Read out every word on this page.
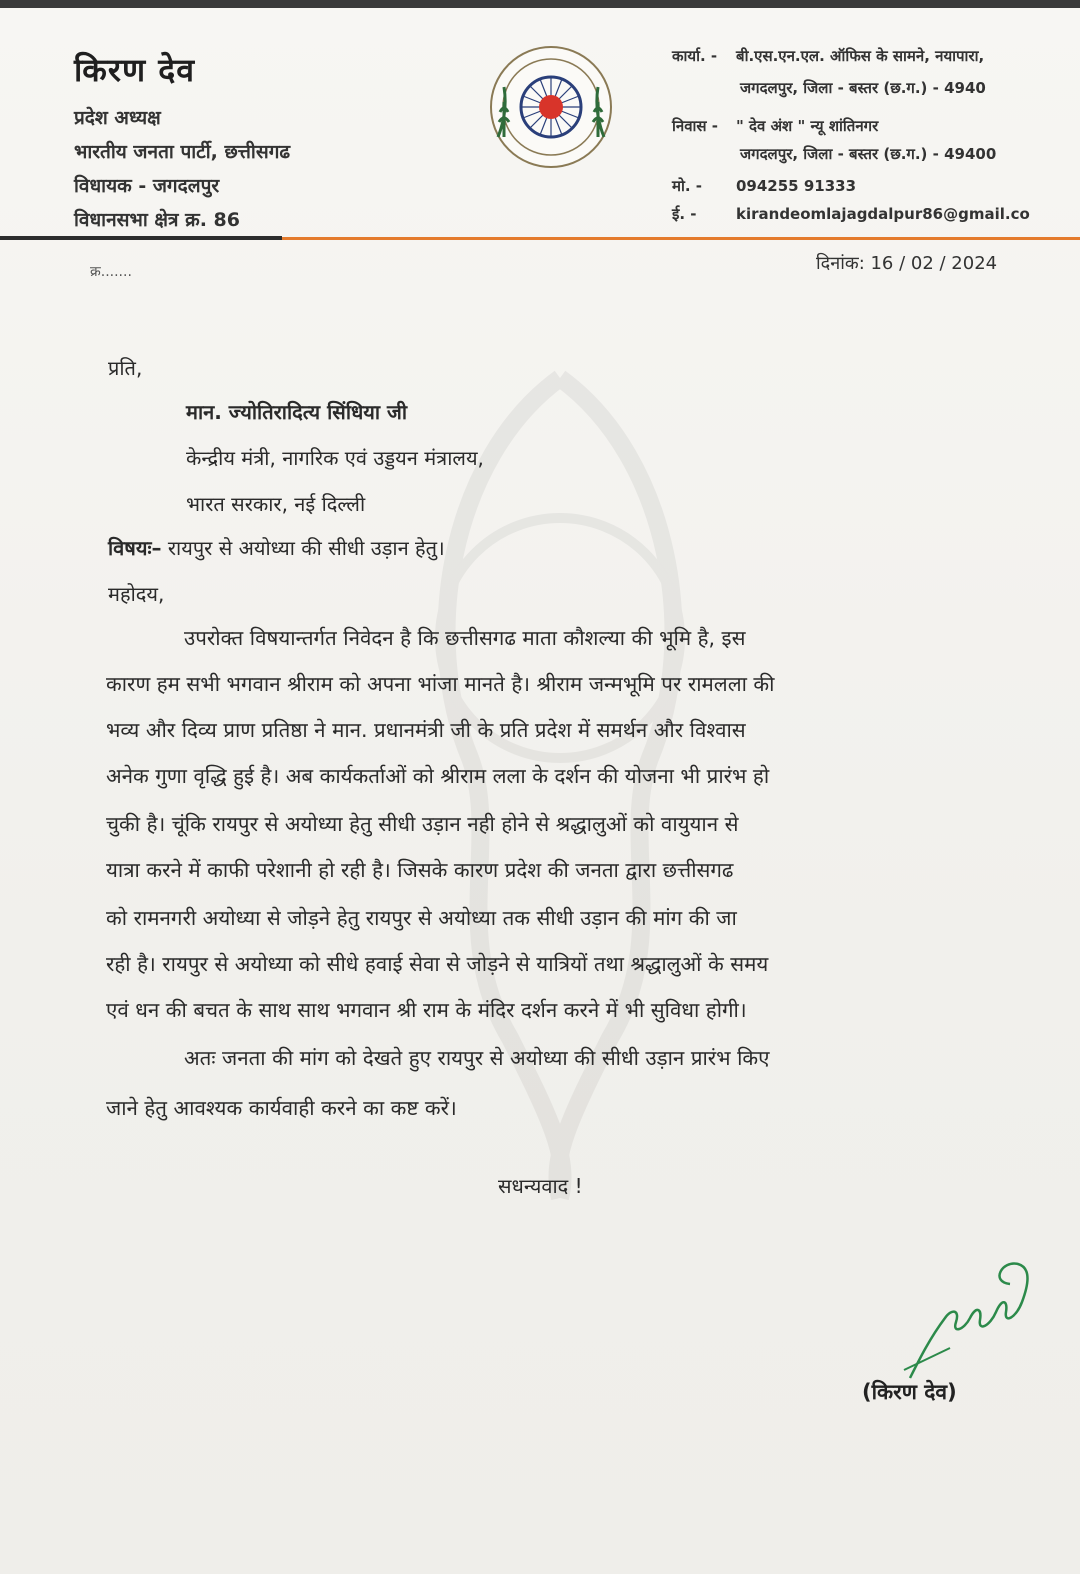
किरण देव
प्रदेश अध्यक्ष
भारतीय जनता पार्टी, छत्तीसगढ
विधायक - जगदलपुर
विधानसभा क्षेत्र क्र. 86
कार्या. - बी.एस.एन.एल. ऑफिस के सामने, नयापारा,
जगदलपुर, जिला - बस्तर (छ.ग.) - 4940
निवास - " देव अंश " न्यू शांतिनगर
जगदलपुर, जिला - बस्तर (छ.ग.) - 49400
मो. - 094255 91333
ई. -	kirandeomlajagdalpur86@gmail.co
क्र.......	दिनांक: 16 / 02 / 2024
प्रति,
मान. ज्योतिरादित्य सिंधिया जी
केन्द्रीय मंत्री, नागरिक एवं उड्डयन मंत्रालय,
भारत सरकार, नई दिल्ली
विषयः– रायपुर से अयोध्या की सीधी उड़ान हेतु।
महोदय,
उपरोक्त विषयान्तर्गत निवेदन है कि छत्तीसगढ माता कौशल्या की भूमि है, इस
कारण हम सभी भगवान श्रीराम को अपना भांजा मानते है। श्रीराम जन्मभूमि पर रामलला की
भव्य और दिव्य प्राण प्रतिष्ठा ने मान. प्रधानमंत्री जी के प्रति प्रदेश में समर्थन और विश्वास
अनेक गुणा वृद्धि हुई है। अब कार्यकर्ताओं को श्रीराम लला के दर्शन की योजना भी प्रारंभ हो
चुकी है। चूंकि रायपुर से अयोध्या हेतु सीधी उड़ान नही होने से श्रद्धालुओं को वायुयान से
यात्रा करने में काफी परेशानी हो रही है। जिसके कारण प्रदेश की जनता द्वारा छत्तीसगढ
को रामनगरी अयोध्या से जोड़ने हेतु रायपुर से अयोध्या तक सीधी उड़ान की मांग की जा
रही है। रायपुर से अयोध्या को सीधे हवाई सेवा से जोड़ने से यात्रियों तथा श्रद्धालुओं के समय
एवं धन की बचत के साथ साथ भगवान श्री राम के मंदिर दर्शन करने में भी सुविधा होगी।
अतः जनता की मांग को देखते हुए रायपुर से अयोध्या की सीधी उड़ान प्रारंभ किए
जाने हेतु आवश्यक कार्यवाही करने का कष्ट करें।
सधन्यवाद !
(किरण देव)
